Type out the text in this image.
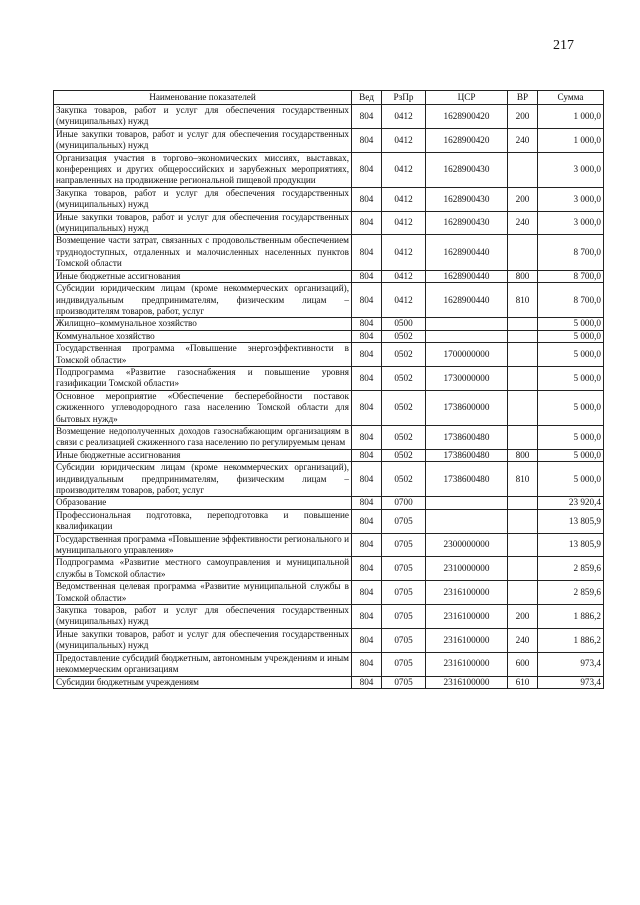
217
Наименование показателей	Вед	РзПр	ЦСР	ВР	Сумма
Закупка товаров, работ и услуг для обеспечения государственных (муниципальных) нужд	804	0412	1628900420	200	1 000,0
Иные закупки товаров, работ и услуг для обеспечения государственных (муниципальных) нужд	804	0412	1628900420	240	1 000,0
Организация участия в торгово–экономических миссиях, выставках, конференциях и других общероссийских и зарубежных мероприятиях, направленных на продвижение региональной пищевой продукции	804	0412	1628900430		3 000,0
Закупка товаров, работ и услуг для обеспечения государственных (муниципальных) нужд	804	0412	1628900430	200	3 000,0
Иные закупки товаров, работ и услуг для обеспечения государственных (муниципальных) нужд	804	0412	1628900430	240	3 000,0
Возмещение части затрат, связанных с продовольственным обеспечением труднодоступных, отдаленных и малочисленных населенных пунктов Томской области	804	0412	1628900440		8 700,0
Иные бюджетные ассигнования	804	0412	1628900440	800	8 700,0
Субсидии юридическим лицам (кроме некоммерческих организаций), индивидуальным предпринимателям, физическим лицам – производителям товаров, работ, услуг	804	0412	1628900440	810	8 700,0
Жилищно–коммунальное хозяйство	804	0500			5 000,0
Коммунальное хозяйство	804	0502			5 000,0
Государственная программа «Повышение энергоэффективности в Томской области»	804	0502	1700000000		5 000,0
Подпрограмма «Развитие газоснабжения и повышение уровня газификации Томской области»	804	0502	1730000000		5 000,0
Основное мероприятие «Обеспечение бесперебойности поставок сжиженного углеводородного газа населению Томской области для бытовых нужд»	804	0502	1738600000		5 000,0
Возмещение недополученных доходов газоснабжающим организациям в связи с реализацией сжиженного газа населению по регулируемым ценам	804	0502	1738600480		5 000,0
Иные бюджетные ассигнования	804	0502	1738600480	800	5 000,0
Субсидии юридическим лицам (кроме некоммерческих организаций), индивидуальным предпринимателям, физическим лицам – производителям товаров, работ, услуг	804	0502	1738600480	810	5 000,0
Образование	804	0700			23 920,4
Профессиональная подготовка, переподготовка и повышение квалификации	804	0705			13 805,9
Государственная программа «Повышение эффективности регионального и муниципального управления»	804	0705	2300000000		13 805,9
Подпрограмма «Развитие местного самоуправления и муниципальной службы в Томской области»	804	0705	2310000000		2 859,6
Ведомственная целевая программа «Развитие муниципальной службы в Томской области»	804	0705	2316100000		2 859,6
Закупка товаров, работ и услуг для обеспечения государственных (муниципальных) нужд	804	0705	2316100000	200	1 886,2
Иные закупки товаров, работ и услуг для обеспечения государственных (муниципальных) нужд	804	0705	2316100000	240	1 886,2
Предоставление субсидий бюджетным, автономным учреждениям и иным некоммерческим организациям	804	0705	2316100000	600	973,4
Субсидии бюджетным учреждениям	804	0705	2316100000	610	973,4
